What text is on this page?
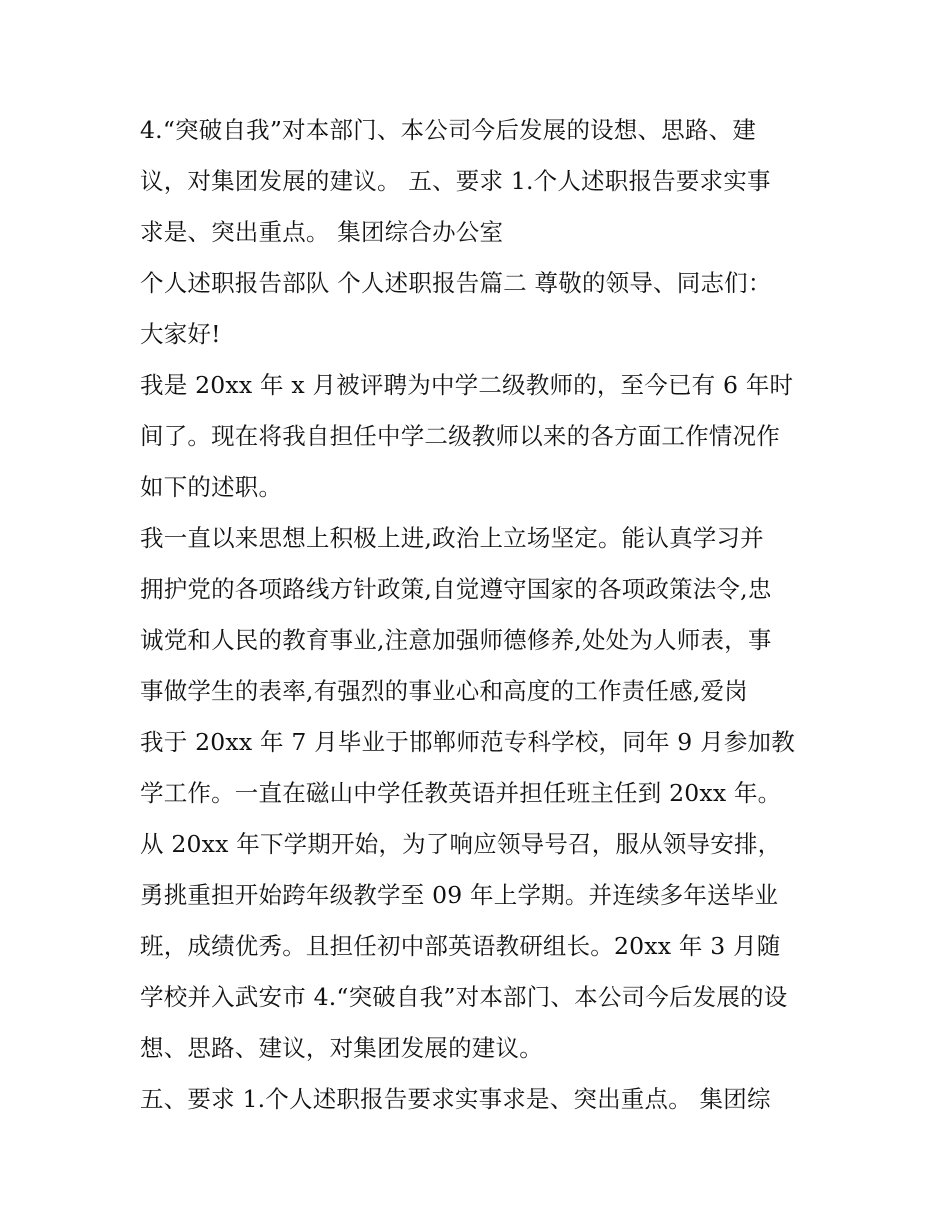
4.“突破自我”对本部门、本公司今后发展的设想、思路、建
议，对集团发展的建议。 五、要求 1.个人述职报告要求实事
求是、突出重点。 集团综合办公室
个人述职报告部队 个人述职报告篇二 尊敬的领导、同志们：
大家好!
我是 20xx 年 x 月被评聘为中学二级教师的，至今已有 6 年时
间了。现在将我自担任中学二级教师以来的各方面工作情况作
如下的述职。
我一直以来思想上积极上进,政治上立场坚定。能认真学习并
拥护党的各项路线方针政策,自觉遵守国家的各项政策法令,忠
诚党和人民的教育事业,注意加强师德修养,处处为人师表，事
事做学生的表率,有强烈的事业心和高度的工作责任感,爱岗
我于 20xx 年 7 月毕业于邯郸师范专科学校，同年 9 月参加教
学工作。一直在磁山中学任教英语并担任班主任到 20xx 年。
从 20xx 年下学期开始，为了响应领导号召，服从领导安排，
勇挑重担开始跨年级教学至 09 年上学期。并连续多年送毕业
班，成绩优秀。且担任初中部英语教研组长。20xx 年 3 月随
学校并入武安市 4.“突破自我”对本部门、本公司今后发展的设
想、思路、建议，对集团发展的建议。
五、要求 1.个人述职报告要求实事求是、突出重点。 集团综
